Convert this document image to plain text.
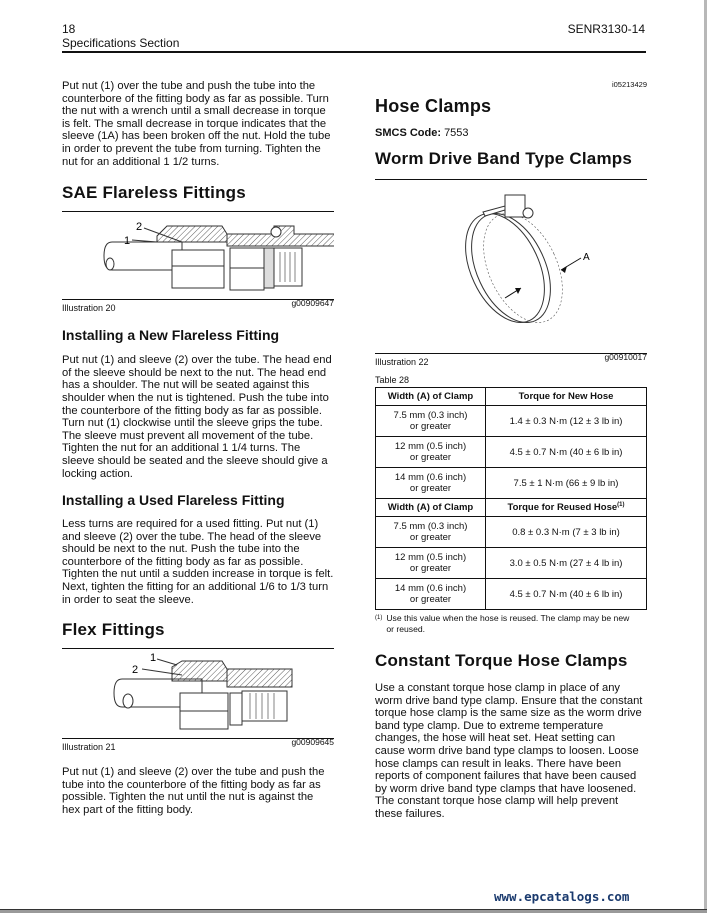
18
Specifications Section
SENR3130-14

Put nut (1) over the tube and push the tube into the counterbore of the fitting body as far as possible. Turn the nut with a wrench until a small decrease in torque is felt. The small decrease in torque indicates that the sleeve (1A) has been broken off the nut. Hold the tube in order to prevent the tube from turning. Tighten the nut for an additional 1 1/2 turns.

SAE Flareless Fittings
1
2
Illustration 20	g00909647
Installing a New Flareless Fitting

Put nut (1) and sleeve (2) over the tube. The head end of the sleeve should be next to the nut. The head end has a shoulder. The nut will be seated against this shoulder when the nut is tightened. Push the tube into the counterbore of the fitting body as far as possible. Turn nut (1) clockwise until the sleeve grips the tube. The sleeve must prevent all movement of the tube. Tighten the nut for an additional 1 1/4 turns. The sleeve should be seated and the sleeve should give a locking action.

Installing a Used Flareless Fitting

Less turns are required for a used fitting. Put nut (1) and sleeve (2) over the tube. The head of the sleeve should be next to the nut. Push the tube into the counterbore of the fitting body as far as possible. Tighten the nut until a sudden increase in torque is felt. Next, tighten the fitting for an additional 1/6 to 1/3 turn in order to seat the sleeve.

Flex Fittings
1
2
Illustration 21	g00909645

Put nut (1) and sleeve (2) over the tube and push the tube into the counterbore of the fitting body as far as possible. Tighten the nut until the nut is against the hex part of the fitting body.

i05213429
Hose Clamps
SMCS Code: 7553
Worm Drive Band Type Clamps
A
Illustration 22	g00910017
Table 28
Width (A) of Clamp	Torque for New Hose
7.5 mm (0.3 inch)
or greater	1.4 ± 0.3 N·m (12 ± 3 lb in)
12 mm (0.5 inch)
or greater	4.5 ± 0.7 N·m (40 ± 6 lb in)
14 mm (0.6 inch)
or greater	7.5 ± 1 N·m (66 ± 9 lb in)
Width (A) of Clamp	Torque for Reused Hose$^{(1)}$
7.5 mm (0.3 inch)
or greater	0.8 ± 0.3 N·m (7 ± 3 lb in)
12 mm (0.5 inch)
or greater	3.0 ± 0.5 N·m (27 ± 4 lb in)
14 mm (0.6 inch)
or greater	4.5 ± 0.7 N·m (40 ± 6 lb in)
(1) Use this value when the hose is reused. The clamp may be new or reused.
Constant Torque Hose Clamps

Use a constant torque hose clamp in place of any worm drive band type clamp. Ensure that the constant torque hose clamp is the same size as the worm drive band type clamp. Due to extreme temperature changes, the hose will heat set. Heat setting can cause worm drive band type clamps to loosen. Loose hose clamps can result in leaks. There have been reports of component failures that have been caused by worm drive band type clamps that have loosened. The constant torque hose clamp will help prevent these failures.

www.epcatalogs.com
